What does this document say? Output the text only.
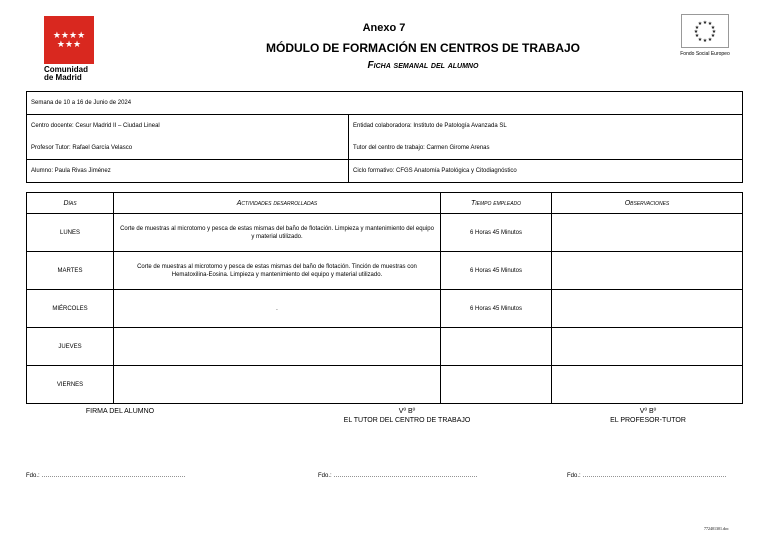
★★★★
★★★
Comunidad de Madrid
Anexo 7
MÓDULO DE FORMACIÓN EN CENTROS DE TRABAJO
Ficha semanal del alumno
★ ★
★
★
★
★
★
★
★
★
★
★
Fondo Social Europeo
Semana de 10 a 16 de Junio de 2024	
Centro docente: Cesur Madrid II – Ciudad Lineal	Entidad colaboradora: Instituto de Patología Avanzada SL
Profesor Tutor: Rafael García Velasco	Tutor del centro de trabajo: Carmen Girome Arenas
Alumno: Paula Rivas Jiménez	Ciclo formativo: CFGS Anatomía Patológica y Citodiagnóstico
Días	Actividades desarrolladas	Tiempo empleado	Observaciones
LUNES	Corte de muestras al microtomo y pesca de estas mismas del baño de flotación. Limpieza y mantenimiento del equipo y material utilizado.	6 Horas 45 Minutos	
MARTES	Corte de muestras al microtomo y pesca de estas mismas del baño de flotación. Tinción de muestras con Hematoxilina-Eosina. Limpieza y mantenimiento del equipo y material utilizado.	6 Horas 45 Minutos	
MIÉRCOLES	.	6 Horas 45 Minutos	
JUEVES			
VIERNES			
FIRMA DEL ALUMNO	Vº Bº
EL TUTOR DEL CENTRO DE TRABAJO
Vº Bº
EL PROFESOR-TUTOR
Fdo.: ………………………………………………………………	Fdo.: ………………………………………………………………	Fdo.: ………………………………………………………………
772401301.doc
